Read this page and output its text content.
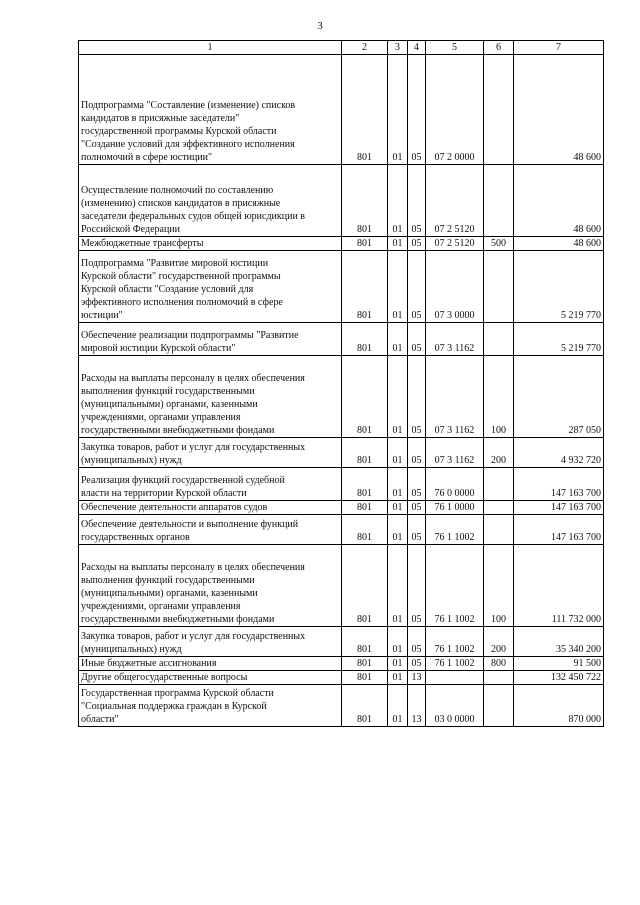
3
1	2	3	4	5	6	7

Подпрограмма "Составление (изменение) списков
кандидатов в присяжные заседатели"
государственной программы Курской области
"Создание условий для эффективного исполнения
полномочий в сфере юстиции"	801	01	05	07 2 0000		48 600

Осуществление полномочий по составлению
(изменению) списков кандидатов в присяжные
заседатели федеральных судов общей юрисдикции в
Российской Федерации	801	01	05	07 2 5120		48 600

Межбюджетные трансферты	801	01	05	07 2 5120	500	48 600

Подпрограмма "Развитие мировой юстиции
Курской области" государственной программы
Курской области "Создание условий для
эффективного исполнения полномочий в сфере
юстиции"	801	01	05	07 3 0000		5 219 770

Обеспечение реализации подпрограммы "Развитие
мировой юстиции Курской области"	801	01	05	07 3 1162		5 219 770

Расходы на выплаты персоналу в целях обеспечения
выполнения функций государственными
(муниципальными) органами, казенными
учреждениями, органами управления
государственными внебюджетными фондами	801	01	05	07 3 1162	100	287 050

Закупка товаров, работ и услуг для государственных
(муниципальных) нужд	801	01	05	07 3 1162	200	4 932 720

Реализация функций государственной судебной
власти на территории Курской области	801	01	05	76 0 0000		147 163 700

Обеспечение деятельности аппаратов судов	801	01	05	76 1 0000		147 163 700

Обеспечение деятельности и выполнение функций
государственных органов	801	01	05	76 1 1002		147 163 700

Расходы на выплаты персоналу в целях обеспечения
выполнения функций государственными
(муниципальными) органами, казенными
учреждениями, органами управления
государственными внебюджетными фондами	801	01	05	76 1 1002	100	111 732 000

Закупка товаров, работ и услуг для государственных
(муниципальных) нужд	801	01	05	76 1 1002	200	35 340 200

Иные бюджетные ассигнования	801	01	05	76 1 1002	800	91 500

Другие общегосударственные вопросы	801	01	13			132 450 722

Государственная программа Курской области
"Социальная поддержка граждан в Курской
области"	801	01	13	03 0 0000		870 000
